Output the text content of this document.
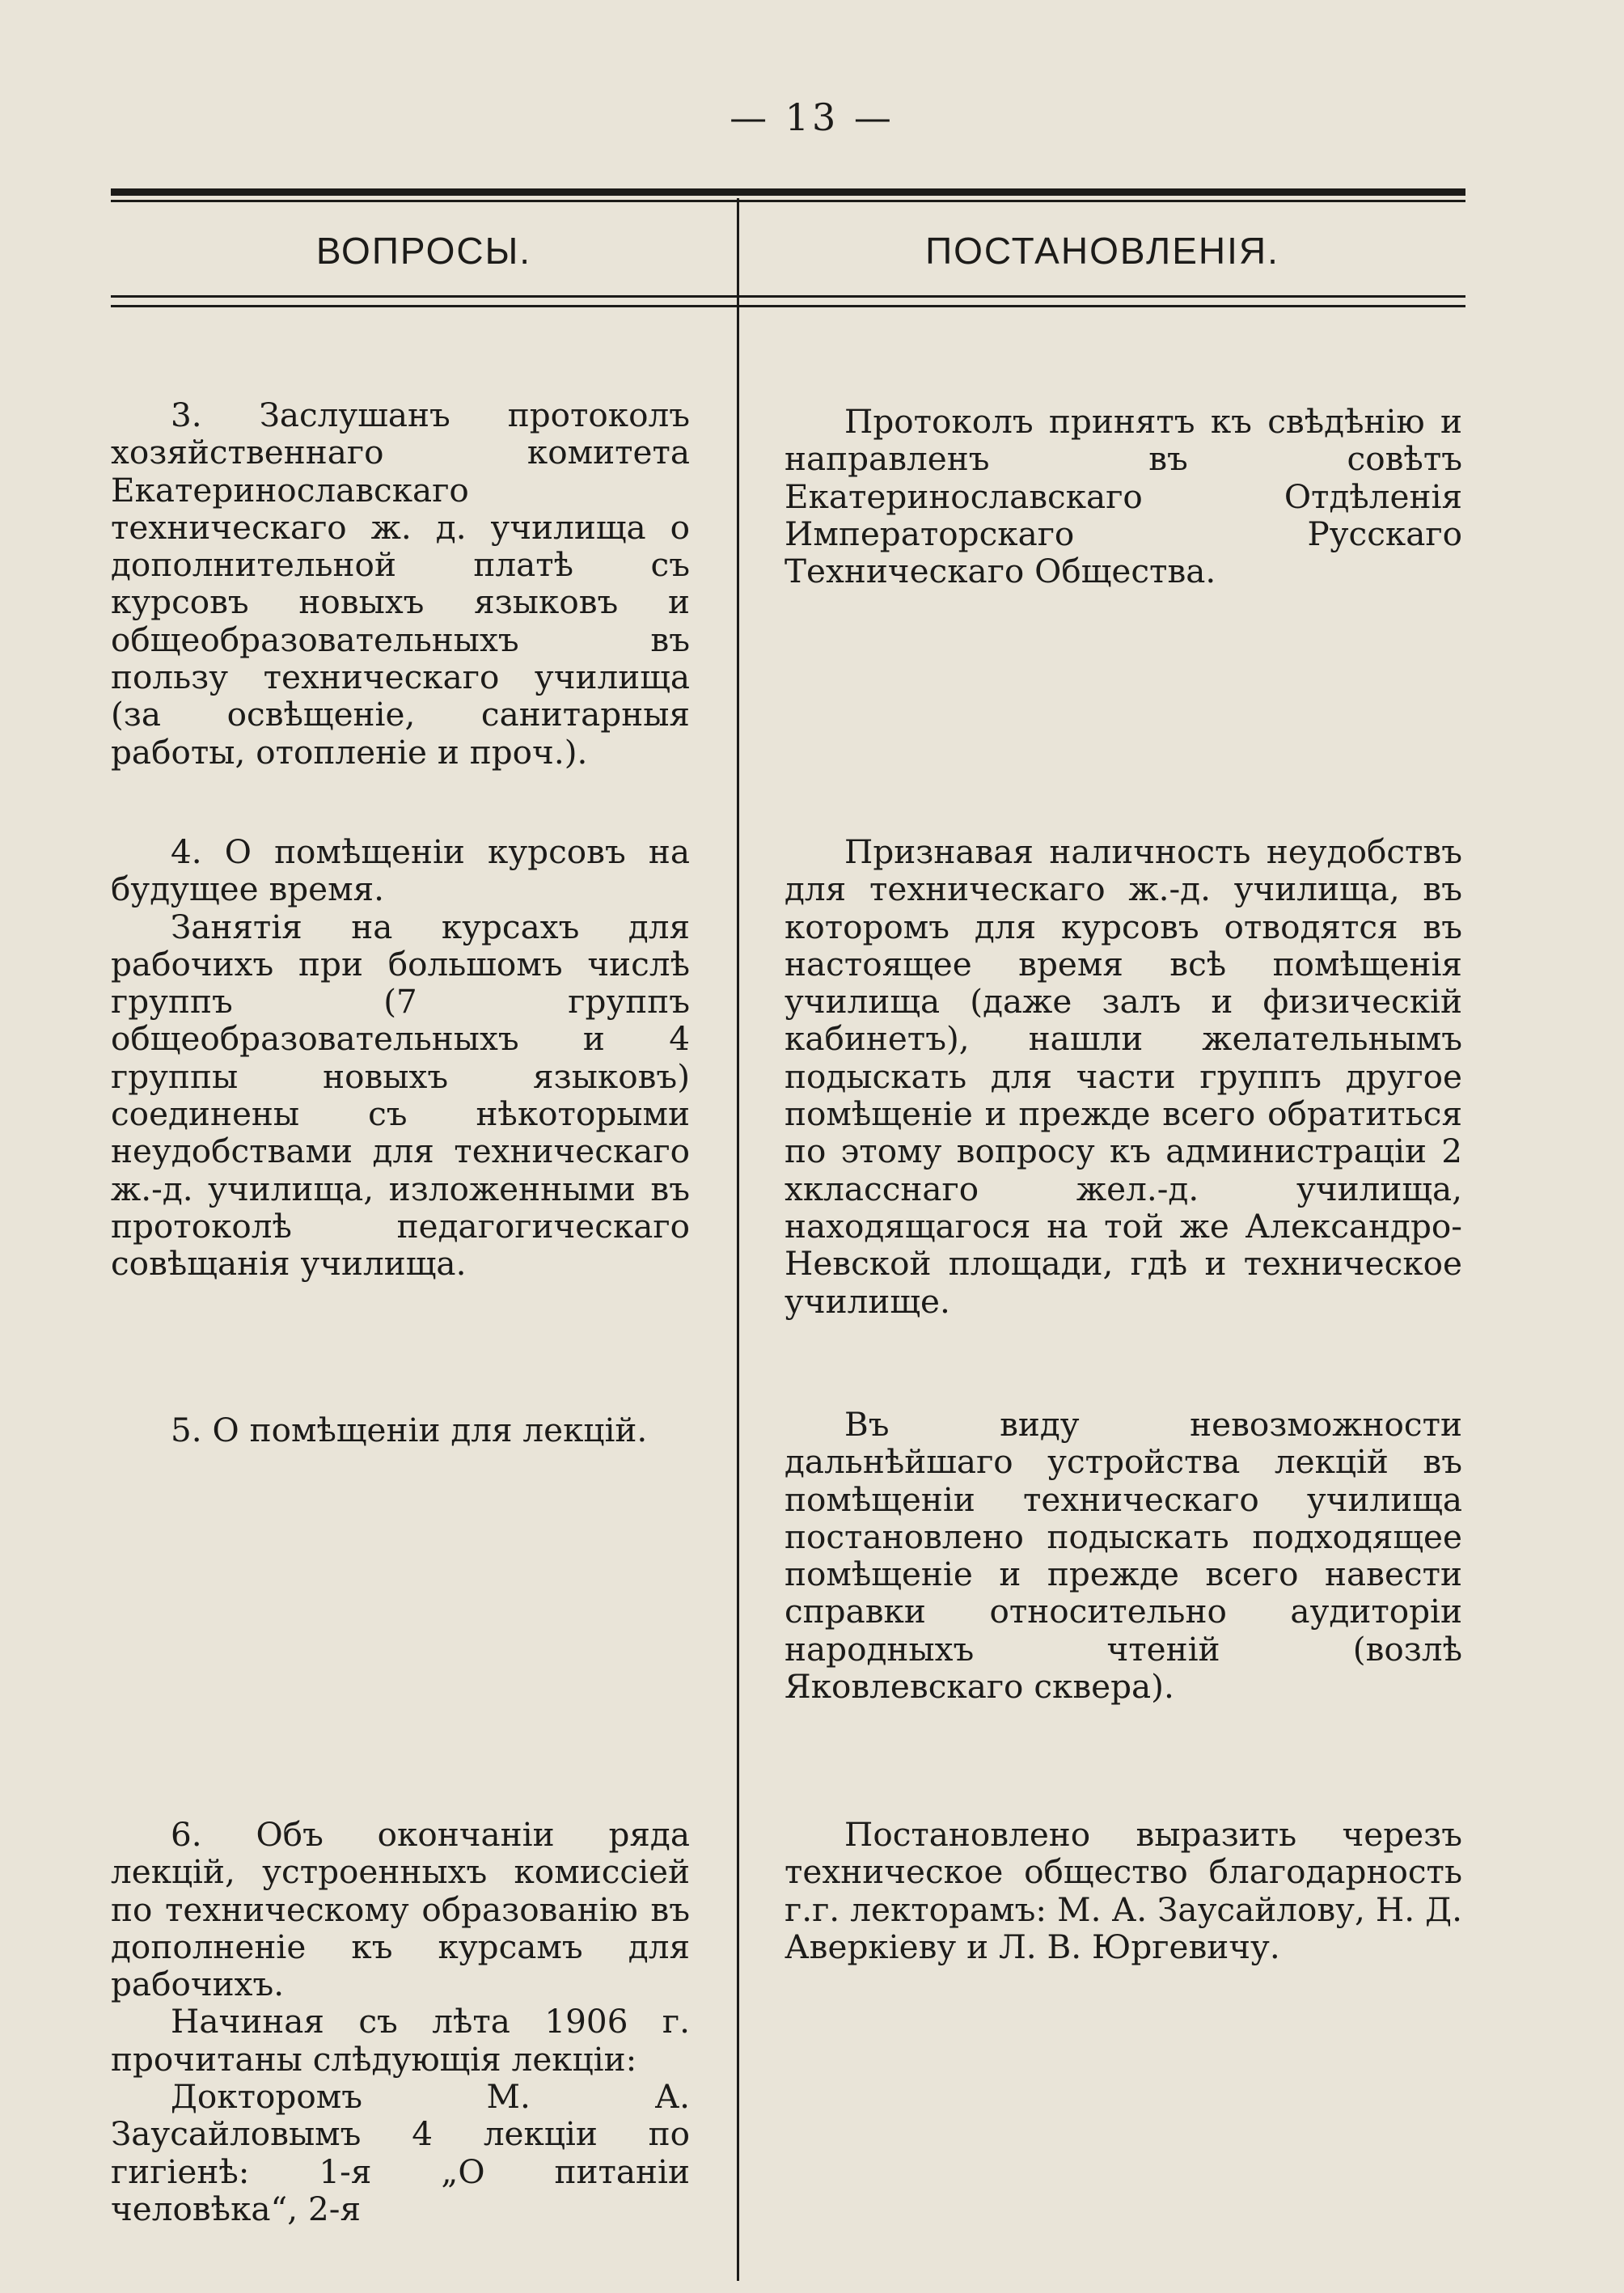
— 13 —
ВОПРОСЫ.	ПОСТАНОВЛЕНІЯ.

3. Заслушанъ протоколъ хозяйственнаго комитета Екатеринославскаго техническаго ж. д. училища о дополнительной платѣ съ курсовъ новыхъ языковъ и общеобразовательныхъ въ пользу техническаго училища (за освѣщеніе, санитарныя работы, отопленіе и проч.).

Протоколъ принятъ къ свѣдѣнію и направленъ въ совѣтъ Екатеринославскаго Отдѣленія Императорскаго Русскаго Техническаго Общества.

4. О помѣщеніи курсовъ на будущее время.

Занятія на курсахъ для рабочихъ при большомъ числѣ группъ (7 группъ общеобразовательныхъ и 4 группы новыхъ языковъ) соединены съ нѣкоторыми неудобствами для техническаго ж.-д. училища, изложенными въ протоколѣ педагогическаго совѣщанія училища.

Признавая наличность неудобствъ для техническаго ж.-д. училища, въ которомъ для курсовъ отводятся въ настоящее время всѣ помѣщенія училища (даже залъ и физическій кабинетъ), нашли желательнымъ подыскать для части группъ другое помѣщеніе и прежде всего обратиться по этому вопросу къ администраціи 2 хкласснаго жел.-д. училища, находящагося на той же Александро-Невской площади, гдѣ и техническое училище.

5. О помѣщеніи для лекцій.	Въ виду невозможности дальнѣйшаго устройства лекцій въ помѣщеніи техническаго училища постановлено подыскать подходящее помѣщеніе и прежде всего навести справки относительно аудиторіи народныхъ чтеній (возлѣ Яковлевскаго сквера).

6. Объ окончаніи ряда лекцій, устроенныхъ комиссіей по техническому образованію въ дополненіе къ курсамъ для рабочихъ.

Начиная съ лѣта 1906 г. прочитаны слѣдующія лекціи:

Докторомъ М. А. Заусайловымъ 4 лекціи по гигіенѣ: 1-я „О питаніи человѣка“, 2-я

Постановлено выразить черезъ техническое общество благодарность г.г. лекторамъ: М. А. Заусайлову, Н. Д. Аверкіеву и Л. В. Юргевичу.
